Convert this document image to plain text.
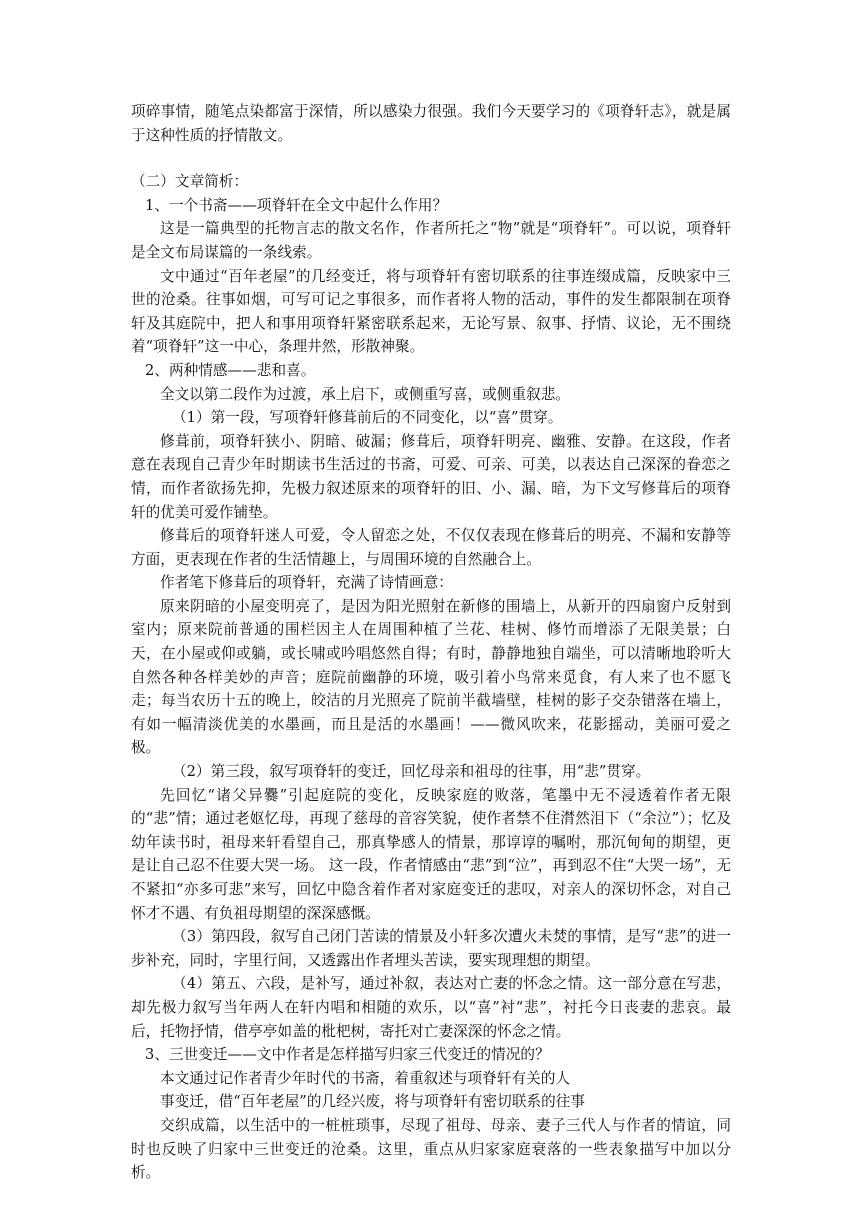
项碎事情，随笔点染都富于深情，所以感染力很强。我们今天要学习的《项脊轩志》，就是属于这种性质的抒情散文。

（二）文章简析：

1、一个书斋——项脊轩在全文中起什么作用？

这是一篇典型的托物言志的散文名作，作者所托之“物”就是“项脊轩”。可以说，项脊轩是全文布局谋篇的一条线索。

文中通过“百年老屋”的几经变迁，将与项脊轩有密切联系的往事连缀成篇，反映家中三世的沧桑。往事如烟，可写可记之事很多，而作者将人物的活动，事件的发生都限制在项脊轩及其庭院中，把人和事用项脊轩紧密联系起来，无论写景、叙事、抒情、议论，无不围绕着“项脊轩”这一中心，条理井然，形散神聚。

2、两种情感——悲和喜。

全文以第二段作为过渡，承上启下，或侧重写喜，或侧重叙悲。

（1）第一段，写项脊轩修葺前后的不同变化，以“喜”贯穿。

修葺前，项脊轩狭小、阴暗、破漏；修葺后，项脊轩明亮、幽雅、安静。在这段，作者意在表现自己青少年时期读书生活过的书斋，可爱、可亲、可美，以表达自己深深的眷恋之情，而作者欲扬先抑，先极力叙述原来的项脊轩的旧、小、漏、暗，为下文写修葺后的项脊轩的优美可爱作铺垫。

修葺后的项脊轩迷人可爱，令人留恋之处，不仅仅表现在修葺后的明亮、不漏和安静等方面，更表现在作者的生活情趣上，与周围环境的自然融合上。

作者笔下修葺后的项脊轩，充满了诗情画意：

原来阴暗的小屋变明亮了，是因为阳光照射在新修的围墙上，从新开的四扇窗户反射到室内；原来院前普通的围栏因主人在周围种植了兰花、桂树、修竹而增添了无限美景；白天，在小屋或仰或躺，或长啸或吟唱悠然自得；有时，静静地独自端坐，可以清晰地聆听大自然各种各样美妙的声音；庭院前幽静的环境，吸引着小鸟常来觅食，有人来了也不愿飞走；每当农历十五的晚上，皎洁的月光照亮了院前半截墙壁，桂树的影子交杂错落在墙上，有如一幅清淡优美的水墨画，而且是活的水墨画！——微风吹来，花影摇动，美丽可爱之极。

（2）第三段，叙写项脊轩的变迁，回忆母亲和祖母的往事，用“悲”贯穿。

先回忆“诸父异爨”引起庭院的变化，反映家庭的败落，笔墨中无不浸透着作者无限的“悲”情；通过老妪忆母，再现了慈母的音容笑貌，使作者禁不住潸然泪下（“余泣”）；忆及幼年读书时，祖母来轩看望自己，那真挚感人的情景，那谆谆的嘱咐，那沉甸甸的期望，更是让自己忍不住要大哭一场。 这一段，作者情感由“悲”到“泣”，再到忍不住“大哭一场”，无不紧扣“亦多可悲”来写，回忆中隐含着作者对家庭变迁的悲叹，对亲人的深切怀念，对自己怀才不遇、有负祖母期望的深深感慨。

（3）第四段，叙写自己闭门苦读的情景及小轩多次遭火未焚的事情，是写“悲”的进一步补充，同时，字里行间，又透露出作者埋头苦读，要实现理想的期望。

（4）第五、六段，是补写，通过补叙，表达对亡妻的怀念之情。这一部分意在写悲，却先极力叙写当年两人在轩内唱和相随的欢乐，以“喜”衬“悲”，衬托今日丧妻的悲哀。最后，托物抒情，借亭亭如盖的枇杷树，寄托对亡妻深深的怀念之情。

3、三世变迁——文中作者是怎样描写归家三代变迁的情况的？

本文通过记作者青少年时代的书斋，着重叙述与项脊轩有关的人

事变迁，借“百年老屋”的几经兴废，将与项脊轩有密切联系的往事

交织成篇，以生活中的一桩桩琐事，尽现了祖母、母亲、妻子三代人与作者的情谊，同时也反映了归家中三世变迁的沧桑。这里，重点从归家家庭衰落的一些表象描写中加以分析。
